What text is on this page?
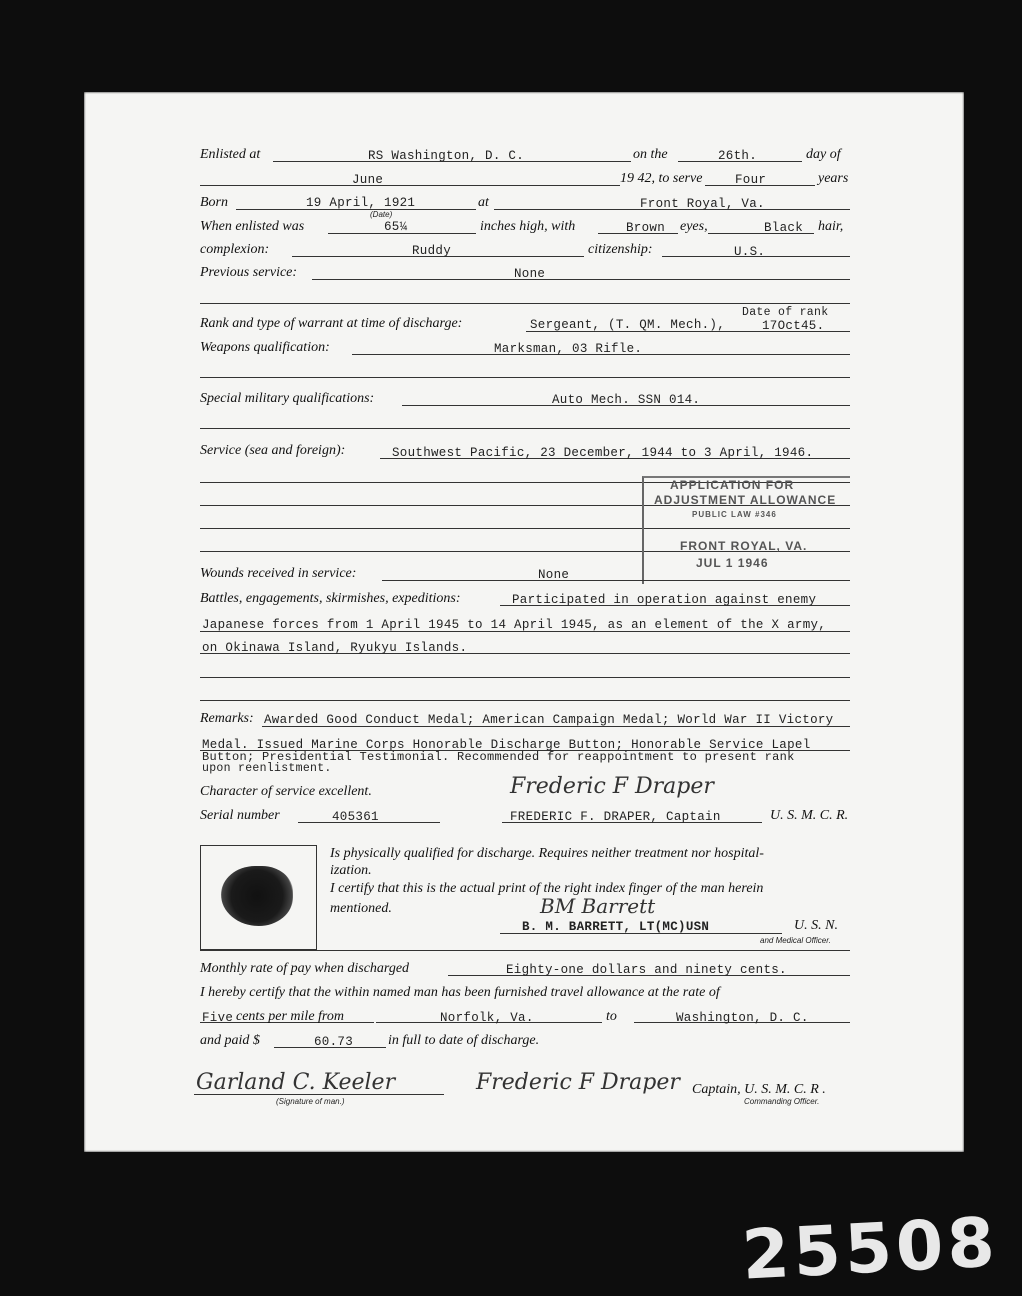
Enlisted at	RS Washington, D. C.	on the	26th.	day of
June	19 42, to serve	Four	years
Born	19 April, 1921
(Date)
at	Front Royal, Va.
When enlisted was	65¼	inches high, with	Brown eyes,	Black hair,
complexion:	Ruddy	citizenship:	U.S.
Previous service:	None
Date of rank
Rank and type of warrant at time of discharge:	Sergeant, (T. QM. Mech.),	17Oct45.
Weapons qualification:	Marksman, 03 Rifle.
Special military qualifications:	Auto Mech. SSN 014.
Service (sea and foreign):	Southwest Pacific, 23 December, 1944 to 3 April, 1946.
APPLICATION FOR
ADJUSTMENT ALLOWANCE
PUBLIC LAW #346
FRONT ROYAL, VA.
JUL 1 1946
Wounds received in service:	None
Battles, engagements, skirmishes, expeditions:	Participated in operation against enemy
Japanese forces from 1 April 1945 to 14 April 1945, as an element of the X army,
on Okinawa Island, Ryukyu Islands.
Remarks: Awarded Good Conduct Medal; American Campaign Medal; World War II Victory
Medal. Issued Marine Corps Honorable Discharge Button; Honorable Service Lapel
Button; Presidential Testimonial. Recommended for reappointment to present rank
upon reenlistment.
Character of service excellent.	Frederic F Draper
Serial number	405361	FREDERIC F. DRAPER, Captain	U. S. M. C. R.
Is physically qualified for discharge. Requires neither treatment nor hospital-
ization.
I certify that this is the actual print of the right index finger of the man herein
mentioned.	BM Barrett
B. M. BARRETT, LT(MC)USN	U. S. N.
and Medical Officer.
Monthly rate of pay when discharged	Eighty-one dollars and ninety cents.
I hereby certify that the within named man has been furnished travel allowance at the rate of
Five cents per mile from	Norfolk, Va.	to	Washington, D. C.
and paid $	60.73 in full to date of discharge.
Garland C. Keeler
(Signature of man.)
Frederic F Draper Captain, U. S. M. C. R .
Commanding Officer.
25508
